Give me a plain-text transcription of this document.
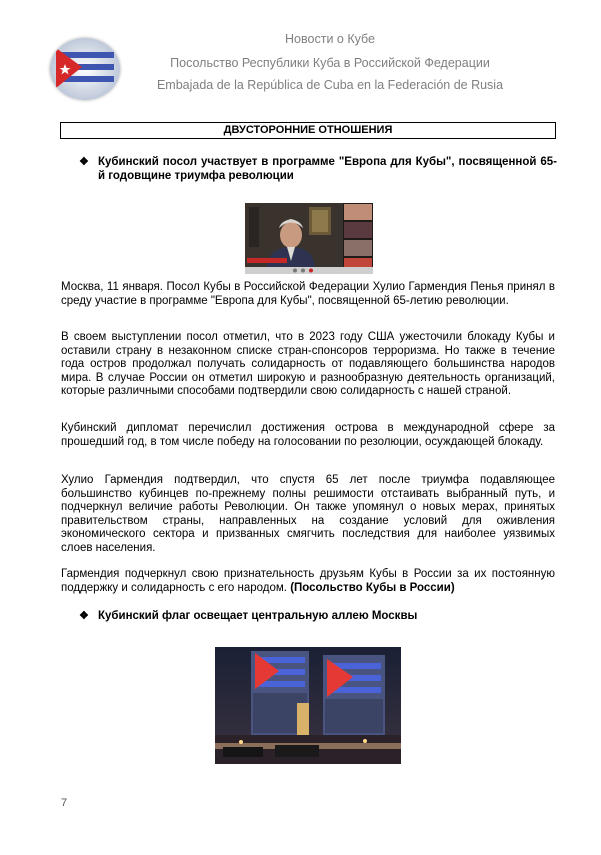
Новости о Кубе
Посольство Республики Куба в Российской Федерации
Embajada de la República de Cuba en la Federación de Rusia
ДВУСТОРОННИЕ ОТНОШЕНИЯ
❖ Кубинский посол участвует в программе "Европа для Кубы", посвященной 65-й годовщине триумфа революции
Москва, 11 января. Посол Кубы в Российской Федерации Хулио Гармендия Пенья принял в среду участие в программе "Европа для Кубы", посвященной 65-летию революции.
В своем выступлении посол отметил, что в 2023 году США ужесточили блокаду Кубы и оставили страну в незаконном списке стран-спонсоров терроризма. Но также в течение года остров продолжал получать солидарность от подавляющего большинства народов мира. В случае России он отметил широкую и разнообразную деятельность организаций, которые различными способами подтвердили свою солидарность с нашей страной.
Кубинский дипломат перечислил достижения острова в международной сфере за прошедший год, в том числе победу на голосовании по резолюции, осуждающей блокаду.
Хулио Гармендия подтвердил, что спустя 65 лет после триумфа подавляющее большинство кубинцев по-прежнему полны решимости отстаивать выбранный путь, и подчеркнул величие работы Революции. Он также упомянул о новых мерах, принятых правительством страны, направленных на создание условий для оживления экономического сектора и призванных смягчить последствия для наиболее уязвимых слоев населения.
Гармендия подчеркнул свою признательность друзьям Кубы в России за их постоянную поддержку и солидарность с его народом. (Посольство Кубы в России)
❖ Кубинский флаг освещает центральную аллею Москвы
7
